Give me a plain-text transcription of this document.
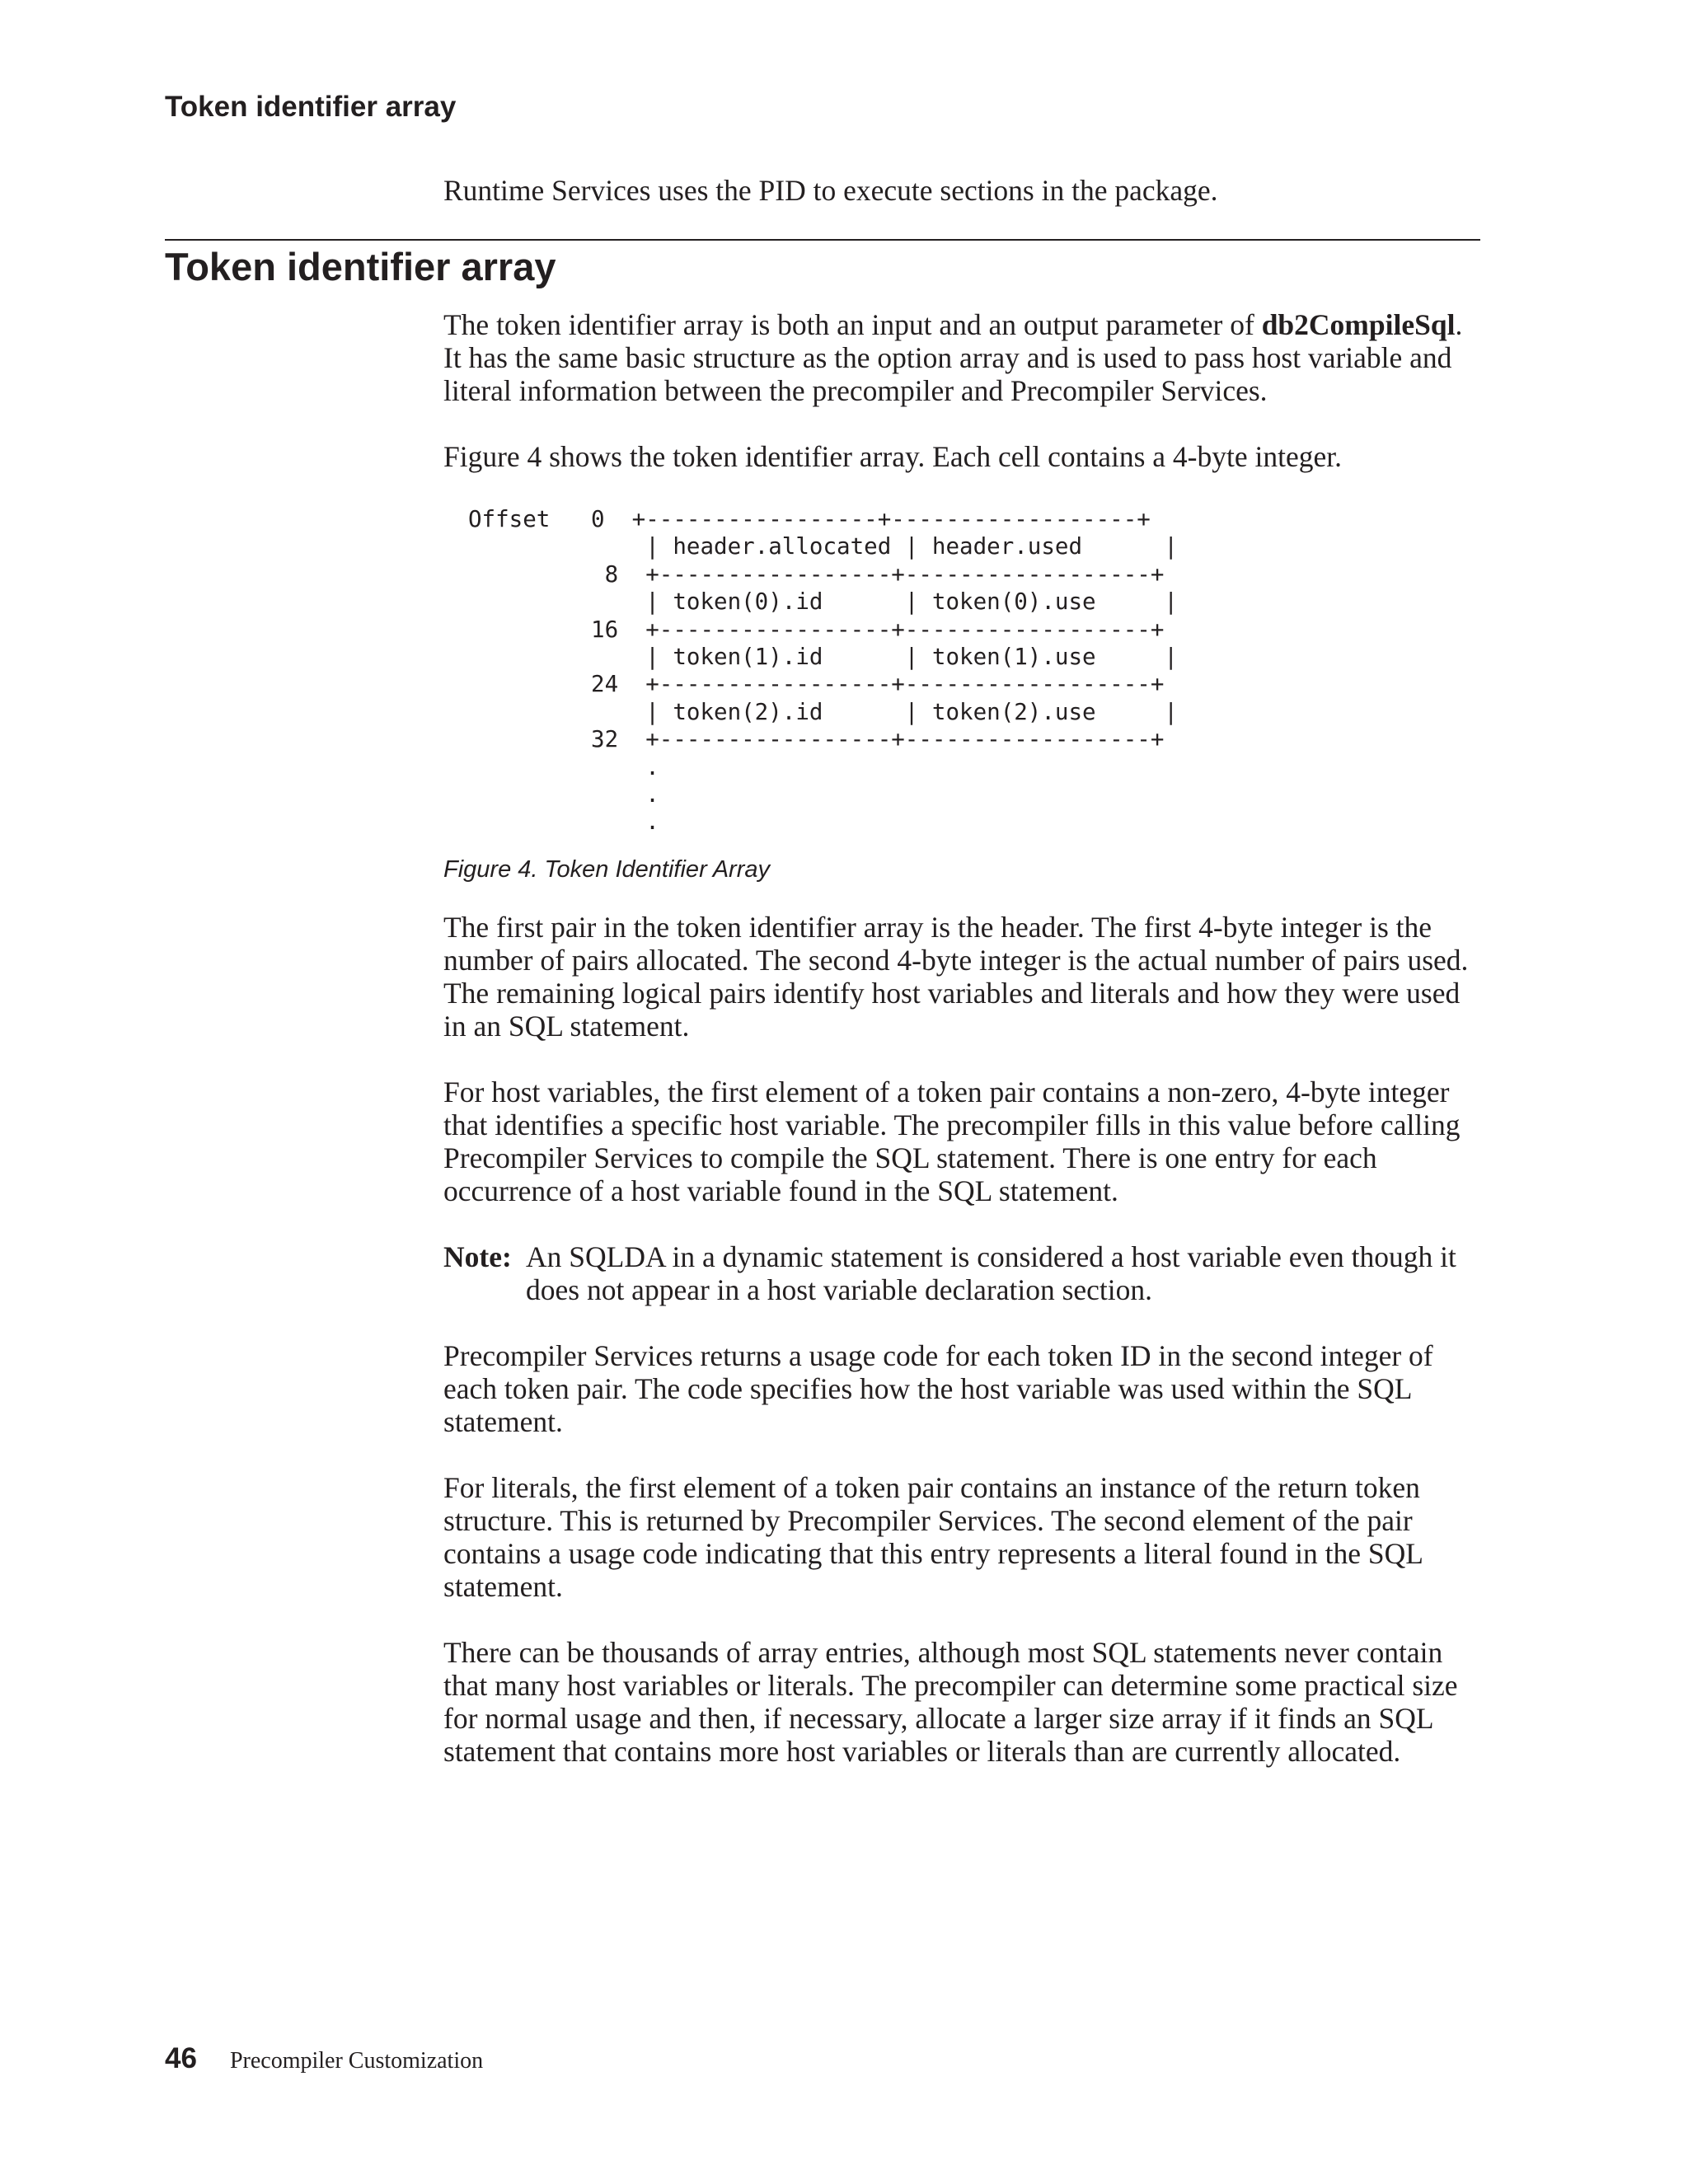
Token identifier array

Runtime Services uses the PID to execute sections in the package.

Token identifier array

The token identifier array is both an input and an output parameter of db2CompileSql. It has the same basic structure as the option array and is used to pass host variable and literal information between the precompiler and Precompiler Services.

Figure 4 shows the token identifier array. Each cell contains a 4-byte integer.

Offset   0  +-----------------+------------------+
| header.allocated | header.used      |
8  +-----------------+------------------+
| token(0).id      | token(0).use     |
16  +-----------------+------------------+
| token(1).id      | token(1).use     |
24  +-----------------+------------------+
| token(2).id      | token(2).use     |
32  +-----------------+------------------+
.
.
.
Figure 4. Token Identifier Array

The first pair in the token identifier array is the header. The first 4-byte integer is the number of pairs allocated. The second 4-byte integer is the actual number of pairs used. The remaining logical pairs identify host variables and literals and how they were used in an SQL statement.

For host variables, the first element of a token pair contains a non-zero, 4-byte integer that identifies a specific host variable. The precompiler fills in this value before calling Precompiler Services to compile the SQL statement. There is one entry for each occurrence of a host variable found in the SQL statement.

Note: An SQLDA in a dynamic statement is considered a host variable even though it does not appear in a host variable declaration section.

Precompiler Services returns a usage code for each token ID in the second integer of each token pair. The code specifies how the host variable was used within the SQL statement.

For literals, the first element of a token pair contains an instance of the return token structure. This is returned by Precompiler Services. The second element of the pair contains a usage code indicating that this entry represents a literal found in the SQL statement.

There can be thousands of array entries, although most SQL statements never contain that many host variables or literals. The precompiler can determine some practical size for normal usage and then, if necessary, allocate a larger size array if it finds an SQL statement that contains more host variables or literals than are currently allocated.

46 Precompiler Customization
